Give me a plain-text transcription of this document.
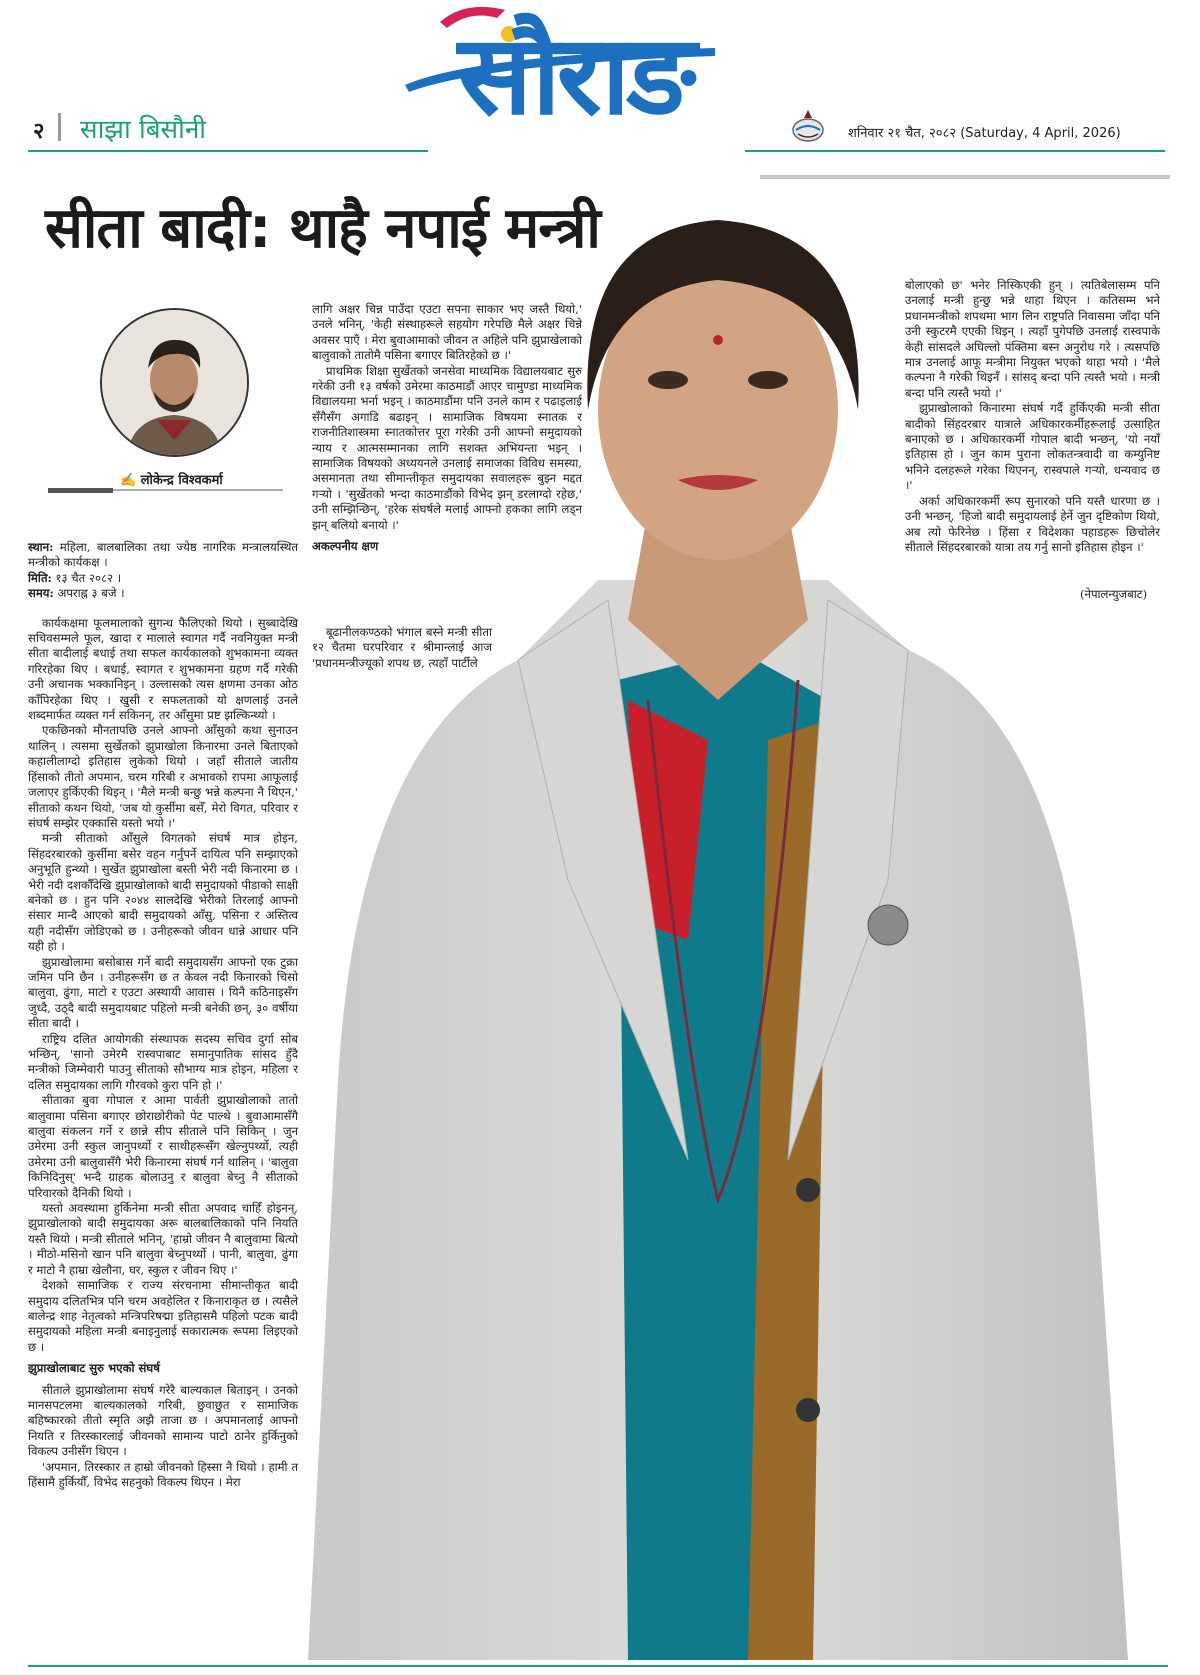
२ साझा बिसौनी	सौराङ	शनिवार २१ चैत, २०८२ (Saturday, 4 April, 2026)
सीता बादी: थाहै नपाई मन्त्री
✍ लोकेन्द्र विश्वकर्मा

स्थान: महिला, बालबालिका तथा ज्येष्ठ नागरिक मन्त्रालयस्थित मन्त्रीको कार्यकक्ष ।

मिति: १३ चैत २०८२ ।

समय: अपराह्न ३ बजे ।

कार्यकक्षमा फूलमालाको सुगन्ध फैलिएको थियो । सुब्बादेखि सचिवसम्मले फूल, खादा र मालाले स्वागत गर्दै नवनियुक्त मन्त्री सीता बादीलाई बधाई तथा सफल कार्यकालको शुभकामना व्यक्त गरिरहेका थिए । बधाई, स्वागत र शुभकामना ग्रहण गर्दै गरेकी उनी अचानक भक्कानिइन् । उल्लासको त्यस क्षणमा उनका ओठ काँपिरहेका थिए । खुसी र सफलताको यो क्षणलाई उनले शब्दमार्फत व्यक्त गर्न सकिनन्, तर आँसुमा प्रष्ट झल्किन्थ्यो ।

एकछिनको मौनतापछि उनले आफ्नो आँसुको कथा सुनाउन थालिन् । त्यसमा सुर्खेतको झुप्राखोला किनारमा उनले बिताएको कहालीलाग्दो इतिहास लुकेको थियो । जहाँ सीताले जातीय हिंसाको तीतो अपमान, चरम गरिबी र अभावको रापमा आफूलाई जलाएर हुर्किएकी थिइन् । 'मैले मन्त्री बन्छु भन्ने कल्पना नै थिएन,' सीताको कथन थियो, 'जब यो कुर्सीमा बसेँ, मेरो विगत, परिवार र संघर्ष सम्झेर एक्कासि यस्तो भयो ।'

मन्त्री सीताको आँसुले विगतको संघर्ष मात्र होइन, सिंहदरबारको कुर्सीमा बसेर वहन गर्नुपर्ने दायित्व पनि सम्झाएको अनुभूति हुन्थ्यो । सुर्खेत झुप्राखोला बस्ती भेरी नदी किनारमा छ । भेरी नदी दशकौँदेखि झुप्राखोलाको बादी समुदायको पीडाको साक्षी बनेको छ । हुन पनि २०४४ सालदेखि भेरीको तिरलाई आफ्नो संसार मान्दै आएको बादी समुदायको आँसु, पसिना र अस्तित्व यही नदीसँग जोडिएको छ । उनीहरूको जीवन धान्ने आधार पनि यही हो ।

झुप्राखोलामा बसोबास गर्ने बादी समुदायसँग आफ्नो एक टुक्रा जमिन पनि छैन । उनीहरूसँग छ त केवल नदी किनारको चिसो बालुवा, ढुंगा, माटो र एउटा अस्थायी आवास । यिनै कठिनाइसँग जुध्दै, उठ्दै बादी समुदायबाट पहिलो मन्त्री बनेकी छन्, ३० वर्षीया सीता बादी ।

राष्ट्रिय दलित आयोगकी संस्थापक सदस्य सचिव दुर्गा सोब भन्छिन्, 'सानो उमेरमै रास्वपाबाट समानुपातिक सांसद हुँदै मन्त्रीको जिम्मेवारी पाउनु सीताको सौभाग्य मात्र होइन, महिला र दलित समुदायका लागि गौरवको कुरा पनि हो ।'

सीताका बुवा गोपाल र आमा पार्वती झुप्राखोलाको तातो बालुवामा पसिना बगाएर छोराछोरीको पेट पाल्थे । बुवाआमासँगै बालुवा संकलन गर्ने र छान्ने सीप सीताले पनि सिकिन् । जुन उमेरमा उनी स्कुल जानुपर्थ्यो र साथीहरूसँग खेल्नुपर्थ्यो, त्यही उमेरमा उनी बालुवासँगै भेरी किनारमा संघर्ष गर्न थालिन् । 'बालुवा किनिदिनुस्' भन्दै ग्राहक बोलाउनु र बालुवा बेच्नु नै सीताको परिवारको दैनिकी थियो ।

यस्तो अवस्थामा हुर्किनेमा मन्त्री सीता अपवाद चाहिँ होइनन्, झुप्राखोलाको बादी समुदायका अरू बालबालिकाको पनि नियति यस्तै थियो । मन्त्री सीताले भनिन्, 'हाम्रो जीवन नै बालुवामा बित्यो । मीठो-मसिनो खान पनि बालुवा बेच्नुपर्थ्यो । पानी, बालुवा, ढुंगा र माटो नै हाम्रा खेलौना, घर, स्कुल र जीवन थिए ।'

देशको सामाजिक र राज्य संरचनामा सीमान्तीकृत बादी समुदाय दलितभित्र पनि चरम अवहेलित र किनाराकृत छ । त्यसैले बालेन्द्र शाह नेतृत्वको मन्त्रिपरिषद्मा इतिहासमै पहिलो पटक बादी समुदायको महिला मन्त्री बनाइनुलाई सकारात्मक रूपमा लिइएको छ ।

झुप्राखोलाबाट सुरु भएको संघर्ष

सीताले झुप्राखोलामा संघर्ष गरेरै बाल्यकाल बिताइन् । उनको मानसपटलमा बाल्यकालको गरिबी, छुवाछुत र सामाजिक बहिष्कारको तीतो स्मृति अझै ताजा छ । अपमानलाई आफ्नो नियति र तिरस्कारलाई जीवनको सामान्य पाटो ठानेर हुर्किनुको विकल्प उनीसँग थिएन ।

'अपमान, तिरस्कार त हाम्रो जीवनको हिस्सा नै थियो । हामी त हिंसामै हुर्कियौँ, विभेद सहनुको विकल्प थिएन । मेरा

लागि अक्षर चिन्न पाउँदा एउटा सपना साकार भए जस्तै थियो,' उनले भनिन्, 'केही संस्थाहरूले सहयोग गरेपछि मैले अक्षर चिन्ने अवसर पाएँ । मेरा बुवाआमाको जीवन त अहिले पनि झुप्राखेलाको बालुवाको तातोमै पसिना बगाएर बितिरहेको छ ।'

प्राथमिक शिक्षा सुर्खेतको जनसेवा माध्यमिक विद्यालयबाट सुरु गरेकी उनी १३ वर्षको उमेरमा काठमाडौं आएर चामुण्डा माध्यमिक विद्यालयमा भर्ना भइन् । काठमाडौंमा पनि उनले काम र पढाइलाई सँगैसँग अगाडि बढाइन् । सामाजिक विषयमा स्नातक र राजनीतिशास्त्रमा स्नातकोत्तर पूरा गरेकी उनी आफ्नो समुदायको न्याय र आत्मसम्मानका लागि सशक्त अभियन्ता भइन् । सामाजिक विषयको अध्ययनले उनलाई समाजका विविध समस्या, असमानता तथा सीमान्तीकृत समुदायका सवालहरू बुझ्न मद्दत गऱ्यो । 'सुर्खेतको भन्दा काठमाडौंको विभेद झन् डरलाग्दो रहेछ,' उनी सम्झिन्छिन्, 'हरेक संघर्षले मलाई आफ्नो हकका लागि लड्न झन् बलियो बनायो ।'

अकल्पनीय क्षण

बूढानीलकण्ठको भंगाल बस्ने मन्त्री सीता १२ चैतमा घरपरिवार र श्रीमान्लाई आज 'प्रधानमन्त्रीज्यूको शपथ छ, त्यहाँ पार्टीले

बोलाएको छ' भनेर निस्किएकी हुन् । त्यतिबेलासम्म पनि उनलाई मन्त्री हुन्छु भन्ने थाहा थिएन । कतिसम्म भने प्रधानमन्त्रीको शपथमा भाग लिन राष्ट्रपति निवासमा जाँदा पनि उनी स्कुटरमै एएकी थिइन् । त्यहाँ पुगेपछि उनलाई रास्वपाके केही सांसदले अघिल्लो पंक्तिमा बस्न अनुरोध गरे । त्यसपछि मात्र उनलाई आफू मन्त्रीमा नियुक्त भएको थाहा भयो । 'मैले कल्पना नै गरेकी थिइनँ । सांसद् बन्दा पनि त्यस्तै भयो । मन्त्री बन्दा पनि त्यस्तै भयो ।'

झुप्राखोलाको किनारमा संघर्ष गर्दै हुर्किएकी मन्त्री सीता बादीको सिंहदरबार यात्राले अधिकारकर्मीहरूलाई उत्साहित बनाएको छ । अधिकारकर्मी गोपाल बादी भन्छन्, 'यो नयाँ इतिहास हो । जुन काम पुराना लोकतन्त्रवादी वा कम्युनिष्ट भनिने दलहरूले गरेका थिएनन्, रास्वपाले गऱ्यो, धन्यवाद छ ।'

अर्का अधिकारकर्मी रूप सुनारको पनि यस्तै धारणा छ । उनी भन्छन्, 'हिजो बादी समुदायलाई हेर्ने जुन दृष्टिकोण थियो, अब त्यो फेरिनेछ । हिंसा र विदेशका पहाडहरू छिचोलेर सीताले सिंहदरबारको यात्रा तय गर्नु सानो इतिहास होइन ।'

(नेपालन्युजबाट)
